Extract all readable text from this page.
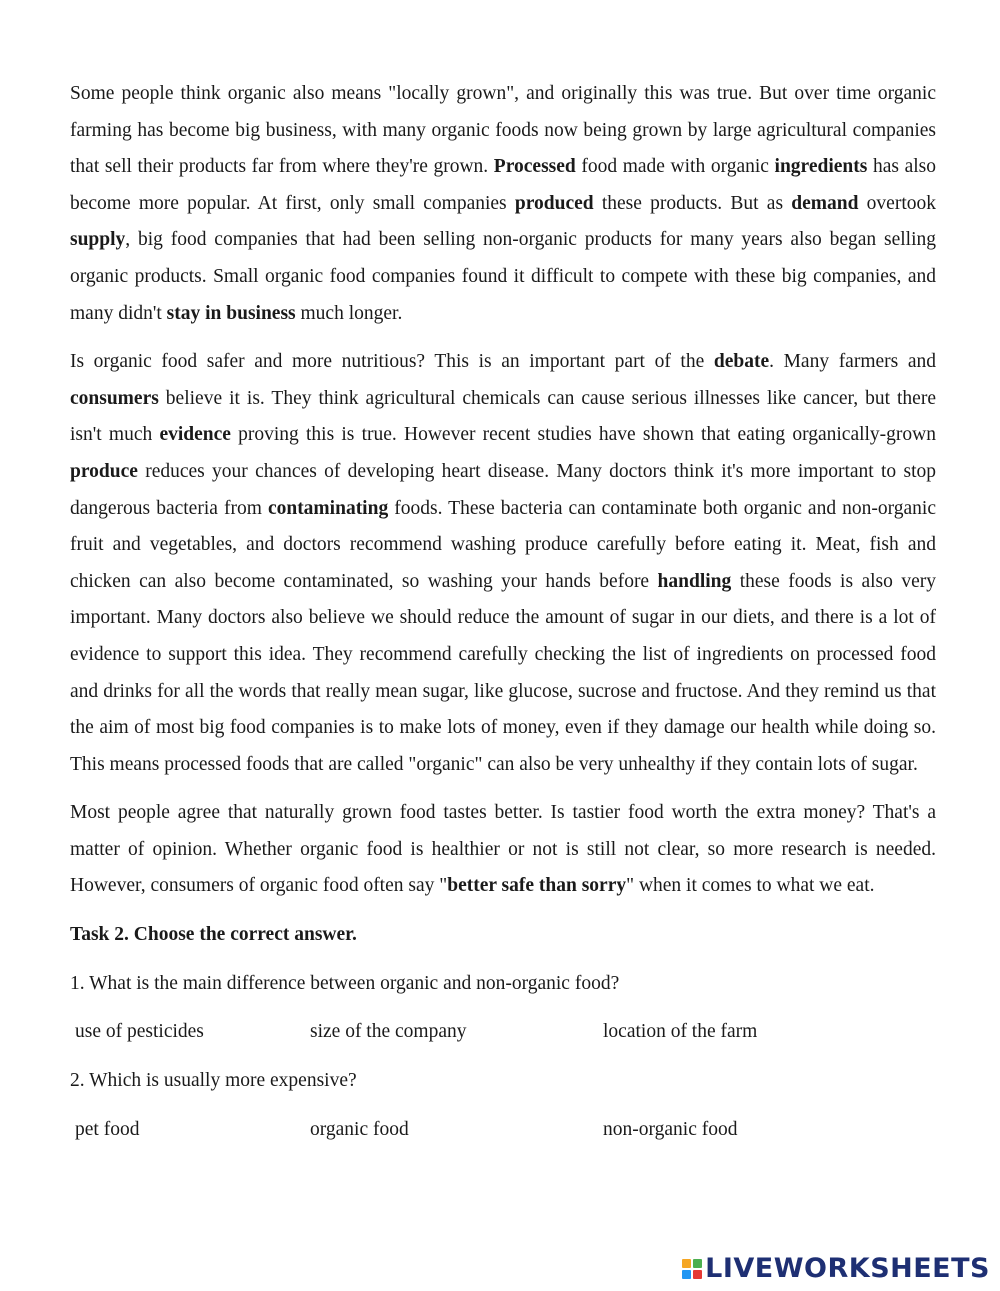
Some people think organic also means "locally grown", and originally this was true. But over time organic farming has become big business, with many organic foods now being grown by large agricultural companies that sell their products far from where they're grown. Processed food made with organic ingredients has also become more popular. At first, only small companies produced these products. But as demand overtook supply, big food companies that had been selling non-organic products for many years also began selling organic products. Small organic food companies found it difficult to compete with these big companies, and many didn't stay in business much longer.

Is organic food safer and more nutritious? This is an important part of the debate. Many farmers and consumers believe it is. They think agricultural chemicals can cause serious illnesses like cancer, but there isn't much evidence proving this is true. However recent studies have shown that eating organically-grown produce reduces your chances of developing heart disease. Many doctors think it's more important to stop dangerous bacteria from contaminating foods. These bacteria can contaminate both organic and non-organic fruit and vegetables, and doctors recommend washing produce carefully before eating it. Meat, fish and chicken can also become contaminated, so washing your hands before handling these foods is also very important. Many doctors also believe we should reduce the amount of sugar in our diets, and there is a lot of evidence to support this idea. They recommend carefully checking the list of ingredients on processed food and drinks for all the words that really mean sugar, like glucose, sucrose and fructose. And they remind us that the aim of most big food companies is to make lots of money, even if they damage our health while doing so. This means processed foods that are called "organic" can also be very unhealthy if they contain lots of sugar.

Most people agree that naturally grown food tastes better. Is tastier food worth the extra money? That's a matter of opinion. Whether organic food is healthier or not is still not clear, so more research is needed. However, consumers of organic food often say "better safe than sorry" when it comes to what we eat.

Task 2. Choose the correct answer.
1. What is the main difference between organic and non-organic food?
use of pesticides	size of the company	location of the farm
2. Which is usually more expensive?
pet food	organic food	non-organic food
LIVEWORKSHEETS
